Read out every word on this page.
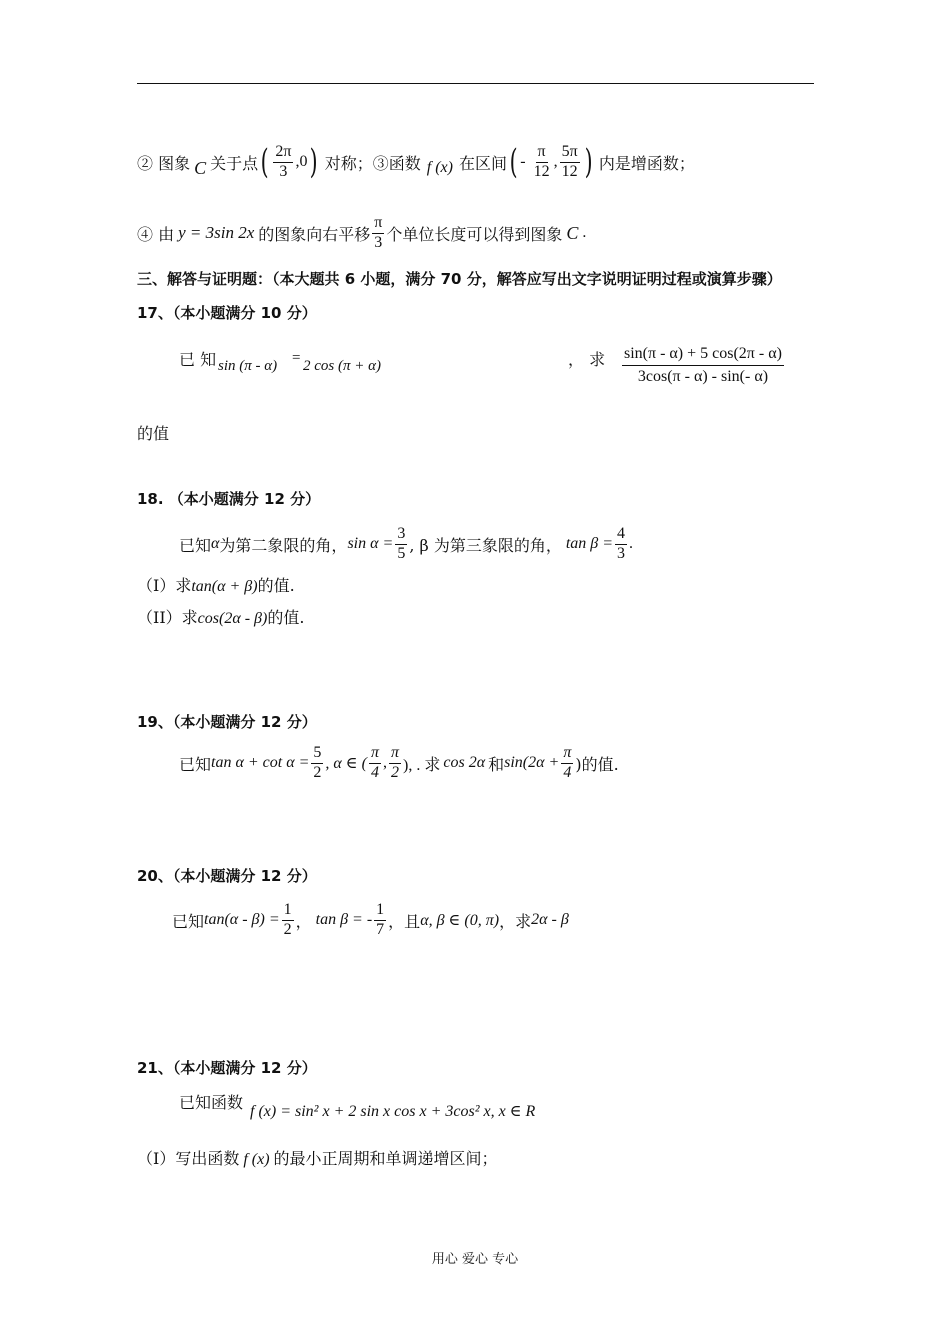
② 图象 C 关于点 ( $\frac{2\pi}{3} ,0$ ) 对称；③函数 f (x) 在区间 ( - $\frac{\pi}{12}$ , $\frac{5\pi}{12}$ ) 内是增函数；
④ 由 y = 3sin 2x 的图象向右平移 $\frac{\pi}{3}$ 个单位长度可以得到图象 C .
三、解答与证明题：（本大题共 6 小题，满分 70 分，解答应写出文字说明证明过程或演算步骤）
17、（本小题满分 10 分）
已 知 sin (π - α) = 2 cos (π + α)	， 求 $\frac{\sin(\pi - \alpha) + 5 \cos(2\pi - \alpha)}{3\cos(\pi - \alpha) - \sin(- \alpha)}$
的值
18. （本小题满分 12 分）
已知 α 为第二象限的角， $\sin \alpha = \frac{3}{5}$ , β 为第三象限的角， $\tan \beta = \frac{4}{3}$ .
（I）求tan(α + β)的值.
（II）求cos(2α - β)的值.
19、（本小题满分 12 分）
已知 $\tan \alpha + \cot \alpha = \frac{5}{2}$ , α ∈ ( $\frac{\pi}{4}$ , $\frac{\pi}{2}$ ), . 求 cos 2α 和 $\sin(2\alpha + \frac{\pi}{4}$ )的值.
20、（本小题满分 12 分）
已知 $\tan(\alpha - \beta) = \frac{1}{2}$ ， tan β = - $\frac{1}{7}$ ，且 α, β ∈ (0, π) ，求 2α - β
21、（本小题满分 12 分）
已知函数 f (x) = sin² x + 2 sin x cos x + 3cos² x, x ∈ R
（I）写出函数 f (x) 的最小正周期和单调递增区间；
用心 爱心 专心
